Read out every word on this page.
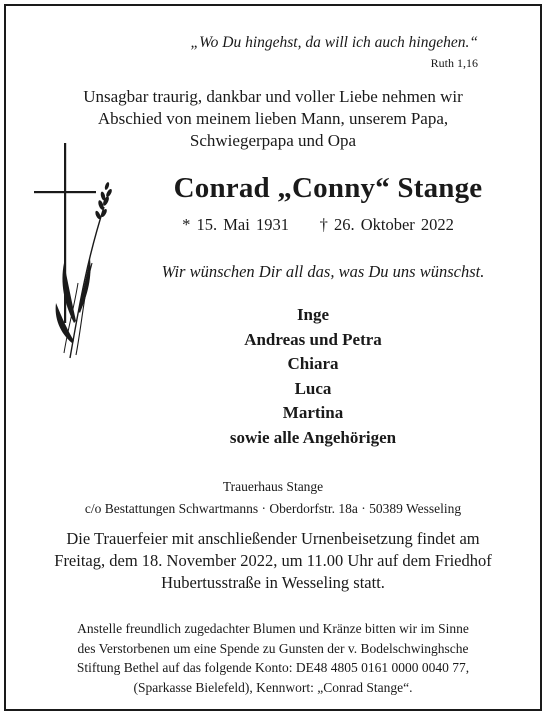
„Wo Du hingehst, da will ich auch hingehen.“
Ruth 1,16
Unsagbar traurig, dankbar und voller Liebe nehmen wir
Abschied von meinem lieben Mann, unserem Papa,
Schwiegerpapa und Opa
Conrad „Conny“ Stange
* 15. Mai 1931     † 26. Oktober 2022
Wir wünschen Dir all das, was Du uns wünschst.
Inge
Andreas und Petra
Chiara
Luca
Martina
sowie alle Angehörigen
Trauerhaus Stange
c/o Bestattungen Schwartmanns · Oberdorfstr. 18a · 50389 Wesseling
Die Trauerfeier mit anschließender Urnenbeisetzung findet am
Freitag, dem 18. November 2022, um 11.00 Uhr auf dem Friedhof
Hubertusstraße in Wesseling statt.
Anstelle freundlich zugedachter Blumen und Kränze bitten wir im Sinne
des Verstorbenen um eine Spende zu Gunsten der v. Bodelschwinghsche
Stiftung Bethel auf das folgende Konto: DE48 4805 0161 0000 0040 77,
(Sparkasse Bielefeld), Kennwort: „Conrad Stange“.
